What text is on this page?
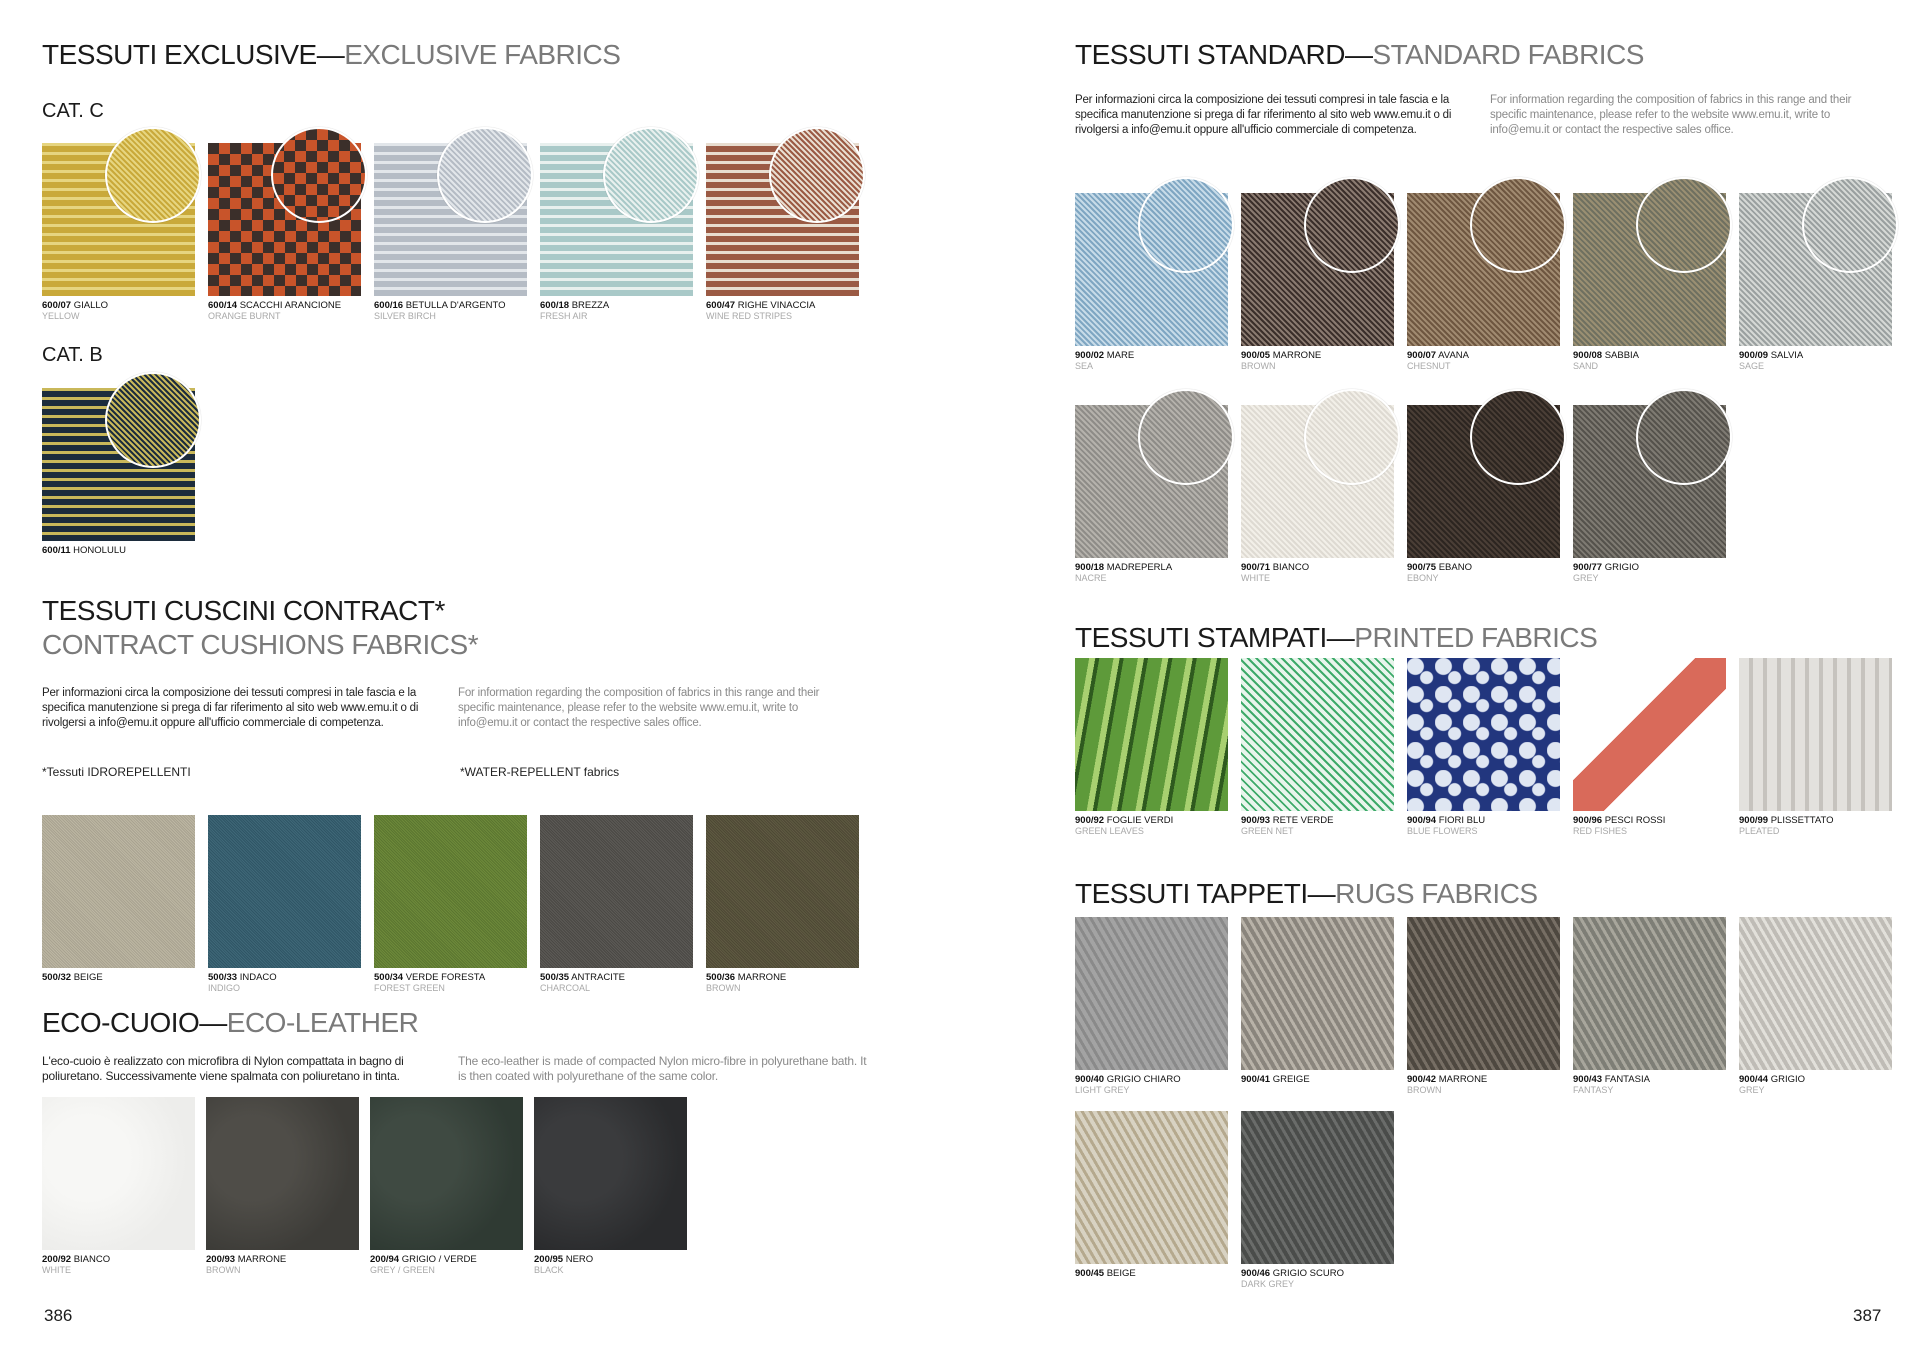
TESSUTI EXCLUSIVE—EXCLUSIVE FABRICS
CAT. C
600/07 GIALLO
YELLOW
600/14 SCACCHI ARANCIONE
ORANGE BURNT
600/16 BETULLA D'ARGENTO
SILVER BIRCH
600/18 BREZZA
FRESH AIR
600/47 RIGHE VINACCIA
WINE RED STRIPES
CAT. B
600/11 HONOLULU
TESSUTI CUSCINI CONTRACT*
CONTRACT CUSHIONS FABRICS*
Per informazioni circa la composizione dei tessuti compresi in tale fascia e la specifica manutenzione si prega di far riferimento al sito web www.emu.it o di rivolgersi a info@emu.it oppure all'ufficio commerciale di competenza.
For information regarding the composition of fabrics in this range and their specific maintenance, please refer to the website www.emu.it, write to info@emu.it or contact the respective sales office.
*Tessuti IDROREPELLENTI	*WATER-REPELLENT fabrics
500/32 BEIGE	500/33 INDACO
INDIGO
500/34 VERDE FORESTA
FOREST GREEN
500/35 ANTRACITE
CHARCOAL
500/36 MARRONE
BROWN
ECO-CUOIO—ECO-LEATHER
L'eco-cuoio è realizzato con microfibra di Nylon compattata in bagno di poliuretano. Successivamente viene spalmata con poliuretano in tinta.
The eco-leather is made of compacted Nylon micro-fibre in polyurethane bath. It is then coated with polyurethane of the same color.
200/92 BIANCO
WHITE
200/93 MARRONE
BROWN
200/94 GRIGIO / VERDE
GREY / GREEN
200/95 NERO
BLACK
386
TESSUTI STANDARD—STANDARD FABRICS
Per informazioni circa la composizione dei tessuti compresi in tale fascia e la specifica manutenzione si prega di far riferimento al sito web www.emu.it o di rivolgersi a info@emu.it oppure all'ufficio commerciale di competenza.
For information regarding the composition of fabrics in this range and their specific maintenance, please refer to the website www.emu.it, write to info@emu.it or contact the respective sales office.
900/02 MARE
SEA
900/05 MARRONE
BROWN
900/07 AVANA
CHESNUT
900/08 SABBIA
SAND
900/09 SALVIA
SAGE
900/18 MADREPERLA
NACRE
900/71 BIANCO
WHITE
900/75 EBANO
EBONY
900/77 GRIGIO
GREY
TESSUTI STAMPATI—PRINTED FABRICS
900/92 FOGLIE VERDI
GREEN LEAVES
900/93 RETE VERDE
GREEN NET
900/94 FIORI BLU
BLUE FLOWERS
900/96 PESCI ROSSI
RED FISHES
900/99 PLISSETTATO
PLEATED
TESSUTI TAPPETI—RUGS FABRICS
900/40 GRIGIO CHIARO
LIGHT GREY
900/41 GREIGE	900/42 MARRONE
BROWN
900/43 FANTASIA
FANTASY
900/44 GRIGIO
GREY
900/45 BEIGE	900/46 GRIGIO SCURO
DARK GREY
387
